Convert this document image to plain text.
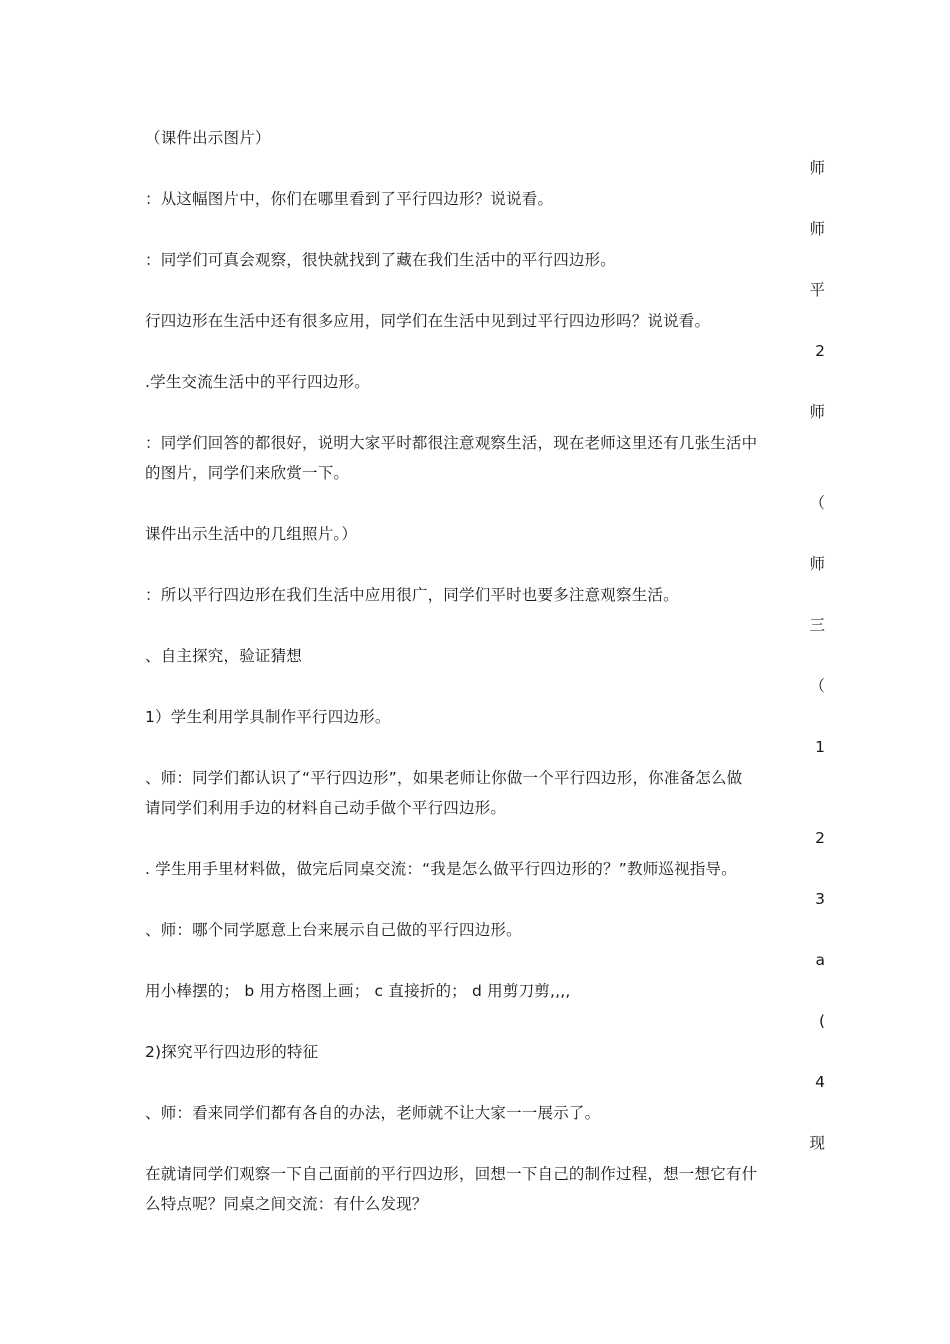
（课件出示图片）
师
：从这幅图片中，你们在哪里看到了平行四边形？说说看。
师
：同学们可真会观察，很快就找到了藏在我们生活中的平行四边形。
平
行四边形在生活中还有很多应用，同学们在生活中见到过平行四边形吗？说说看。
2
.学生交流生活中的平行四边形。
师
：同学们回答的都很好，说明大家平时都很注意观察生活，现在老师这里还有几张生活中
的图片，同学们来欣赏一下。
（
课件出示生活中的几组照片。）
师
：所以平行四边形在我们生活中应用很广，同学们平时也要多注意观察生活。
三
、自主探究，验证猜想
（
1）学生利用学具制作平行四边形。
1
、师：同学们都认识了“平行四边形”，如果老师让你做一个平行四边形，你准备怎么做
请同学们利用手边的材料自己动手做个平行四边形。
2
. 学生用手里材料做，做完后同桌交流：“我是怎么做平行四边形的？”教师巡视指导。
3
、师：哪个同学愿意上台来展示自己做的平行四边形。
a
用小棒摆的； b 用方格图上画； c 直接折的； d 用剪刀剪,,,,
(
2)探究平行四边形的特征
4
、师：看来同学们都有各自的办法，老师就不让大家一一展示了。
现
在就请同学们观察一下自己面前的平行四边形，回想一下自己的制作过程，想一想它有什
么特点呢？同桌之间交流：有什么发现？
